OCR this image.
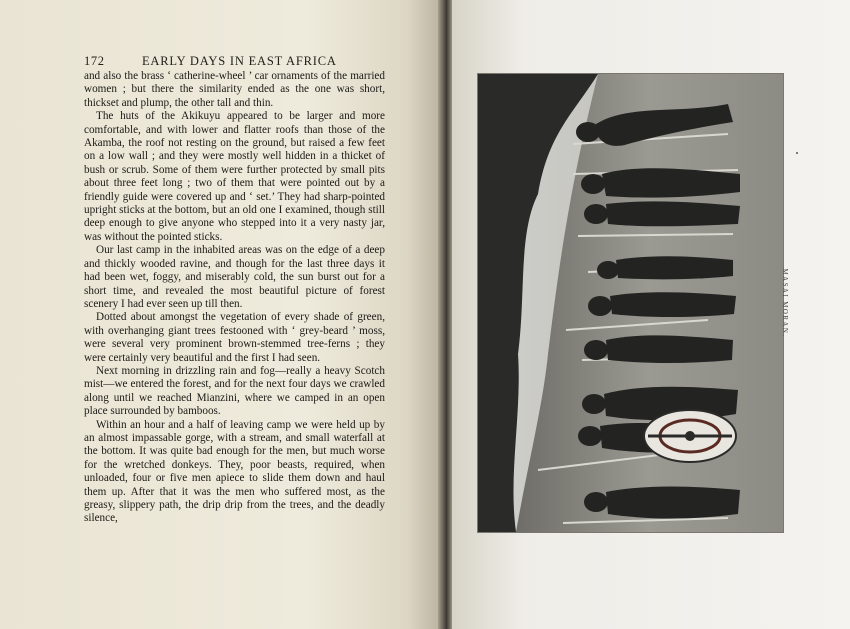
172	EARLY DAYS IN EAST AFRICA

and also the brass ‘ catherine-wheel ’ car ornaments of the married women ; but there the similarity ended as the one was short, thickset and plump, the other tall and thin.

The huts of the Akikuyu appeared to be larger and more comfortable, and with lower and flatter roofs than those of the Akamba, the roof not resting on the ground, but raised a few feet on a low wall ; and they were mostly well hidden in a thicket of bush or scrub. Some of them were further protected by small pits about three feet long ; two of them that were pointed out by a friendly guide were covered up and ‘ set.’ They had sharp-pointed upright sticks at the bottom, but an old one I examined, though still deep enough to give anyone who stepped into it a very nasty jar, was without the pointed sticks.

Our last camp in the inhabited areas was on the edge of a deep and thickly wooded ravine, and though for the last three days it had been wet, foggy, and miserably cold, the sun burst out for a short time, and revealed the most beautiful picture of forest scenery I had ever seen up till then.

Dotted about amongst the vegetation of every shade of green, with overhanging giant trees festooned with ‘ grey-beard ’ moss, were several very prominent brown-stemmed tree-ferns ; they were certainly very beautiful and the first I had seen.

Next morning in drizzling rain and fog—really a heavy Scotch mist—we entered the forest, and for the next four days we crawled along until we reached Mianzini, where we camped in an open place surrounded by bamboos.

Within an hour and a half of leaving camp we were held up by an almost impassable gorge, with a stream, and small waterfall at the bottom. It was quite bad enough for the men, but much worse for the wretched donkeys. They, poor beasts, required, when unloaded, four or five men apiece to slide them down and haul them up. After that it was the men who suffered most, as the greasy, slippery path, the drip drip from the trees, and the deadly silence,

MASAI MORAN.
